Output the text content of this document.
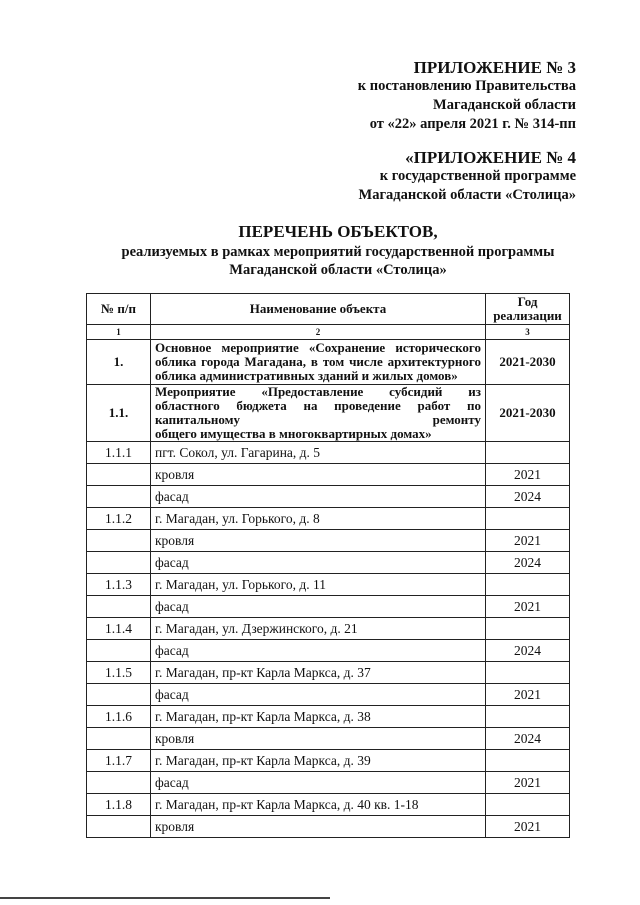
ПРИЛОЖЕНИЕ № 3
к постановлению Правительства
Магаданской области
от «22» апреля 2021 г. № 314-пп
«ПРИЛОЖЕНИЕ № 4
к государственной программе
Магаданской области «Столица»
ПЕРЕЧЕНЬ ОБЪЕКТОВ,
реализуемых в рамках мероприятий государственной программы
Магаданской области «Столица»
№ п/п	Наименование объекта	Год
реализации

1	2	3
1.	Основное мероприятие «Сохранение исторического облика города Магадана, в том числе архитектурного
облика административных зданий и жилых домов»	2021-2030
1.1.	Мероприятие «Предоставление субсидий из областного бюджета на проведение работ по капитальному ремонту
общего имущества в многоквартирных домах»	2021-2030
1.1.1	пгт. Сокол, ул. Гагарина, д. 5	
	кровля	2021
	фасад	2024
1.1.2	г. Магадан, ул. Горького, д. 8	
	кровля	2021
	фасад	2024
1.1.3	г. Магадан, ул. Горького, д. 11	
	фасад	2021
1.1.4	г. Магадан, ул. Дзержинского, д. 21	
	фасад	2024
1.1.5	г. Магадан, пр-кт Карла Маркса, д. 37	
	фасад	2021
1.1.6	г. Магадан, пр-кт Карла Маркса, д. 38	
	кровля	2024
1.1.7	г. Магадан, пр-кт Карла Маркса, д. 39	
	фасад	2021
1.1.8	г. Магадан, пр-кт Карла Маркса, д. 40 кв. 1-18	
	кровля	2021
